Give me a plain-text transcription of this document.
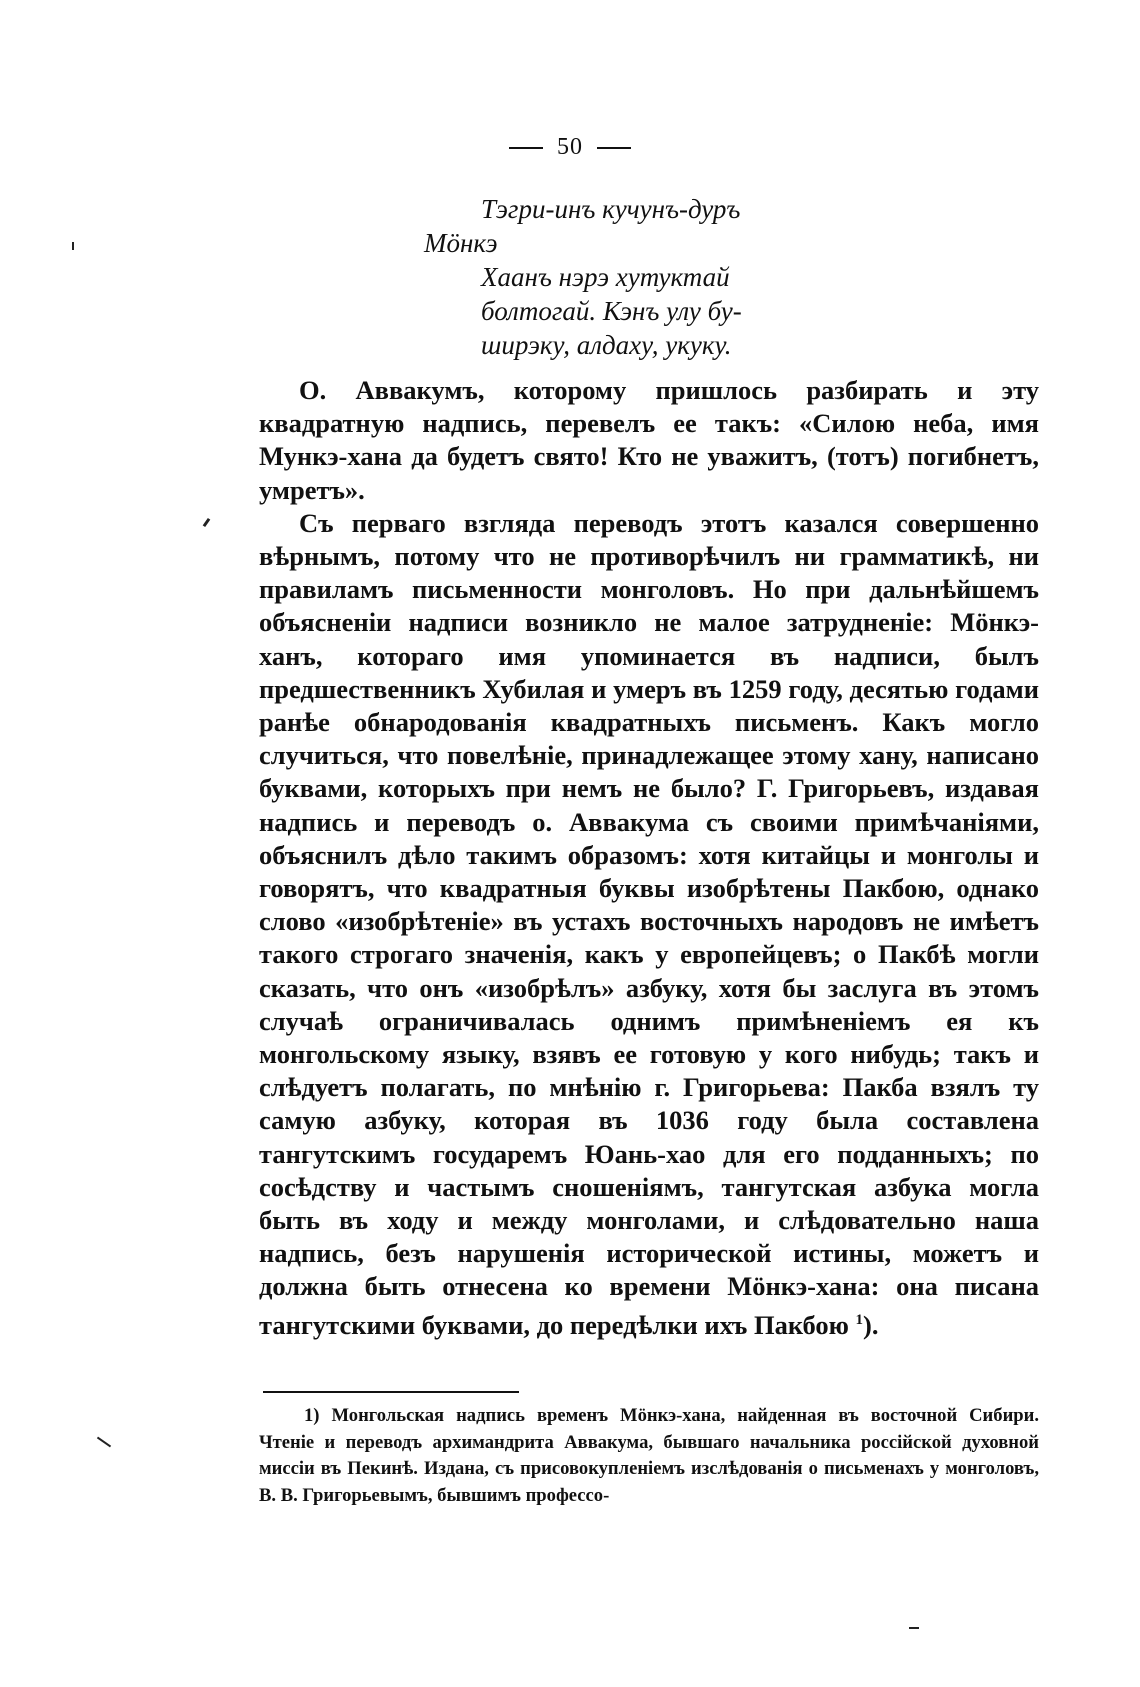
50
Тэгри-инъ кучунъ-дуръ
Мӧнкэ
Хаанъ нэрэ хутуктай
болтогай. Кэнъ улу бу-
ширэку, алдаху, укуку.

О. Аввакумъ, которому пришлось разбирать и эту квадратную надпись, перевелъ ее такъ: «Силою неба, имя Мункэ-хана да будетъ свято! Кто не уважитъ, (тотъ) погибнетъ, умретъ».

Съ перваго взгляда переводъ этотъ казался совершенно вѣрнымъ, потому что не противорѣчилъ ни грамматикѣ, ни правиламъ письменности монголовъ. Но при дальнѣйшемъ объясненіи надписи возникло не малое затрудненіе: Мӧнкэ-ханъ, котораго имя упоминается въ надписи, былъ предшественникъ Хубилая и умеръ въ 1259 году, десятью годами ранѣе обнародованія квадратныхъ письменъ. Какъ могло случиться, что повелѣніе, принадлежащее этому хану, написано буквами, которыхъ при немъ не было? Г. Григорьевъ, издавая надпись и переводъ о. Аввакума съ своими примѣчаніями, объяснилъ дѣло такимъ образомъ: хотя китайцы и монголы и говорятъ, что квадратныя буквы изобрѣтены Пакбою, однако слово «изобрѣтеніе» въ устахъ восточныхъ народовъ не имѣетъ такого строгаго значенія, какъ у европейцевъ; о Пакбѣ могли сказать, что онъ «изобрѣлъ» азбуку, хотя бы заслуга въ этомъ случаѣ ограничивалась однимъ примѣненіемъ ея къ монгольскому языку, взявъ ее готовую у кого нибудь; такъ и слѣдуетъ полагать, по мнѣнію г. Григорьева: Пакба взялъ ту самую азбуку, которая въ 1036 году была составлена тангутскимъ государемъ Юань-хао для его подданныхъ; по сосѣдству и частымъ сношеніямъ, тангутская азбука могла быть въ ходу и между монголами, и слѣдовательно наша надпись, безъ нарушенія исторической истины, можетъ и должна быть отнесена ко времени Мӧнкэ-хана: она писана тангутскими буквами, до передѣлки ихъ Пакбою $^1$).

1) Монгольская надпись временъ Мӧнкэ-хана, найденная въ восточной Сибири. Чтеніе и переводъ архимандрита Аввакума, бывшаго начальника россійской духовной миссіи въ Пекинѣ. Издана, съ присовокупленіемъ изслѣдованія о письменахъ у монголовъ, В. В. Григорьевымъ, бывшимъ профессо-
